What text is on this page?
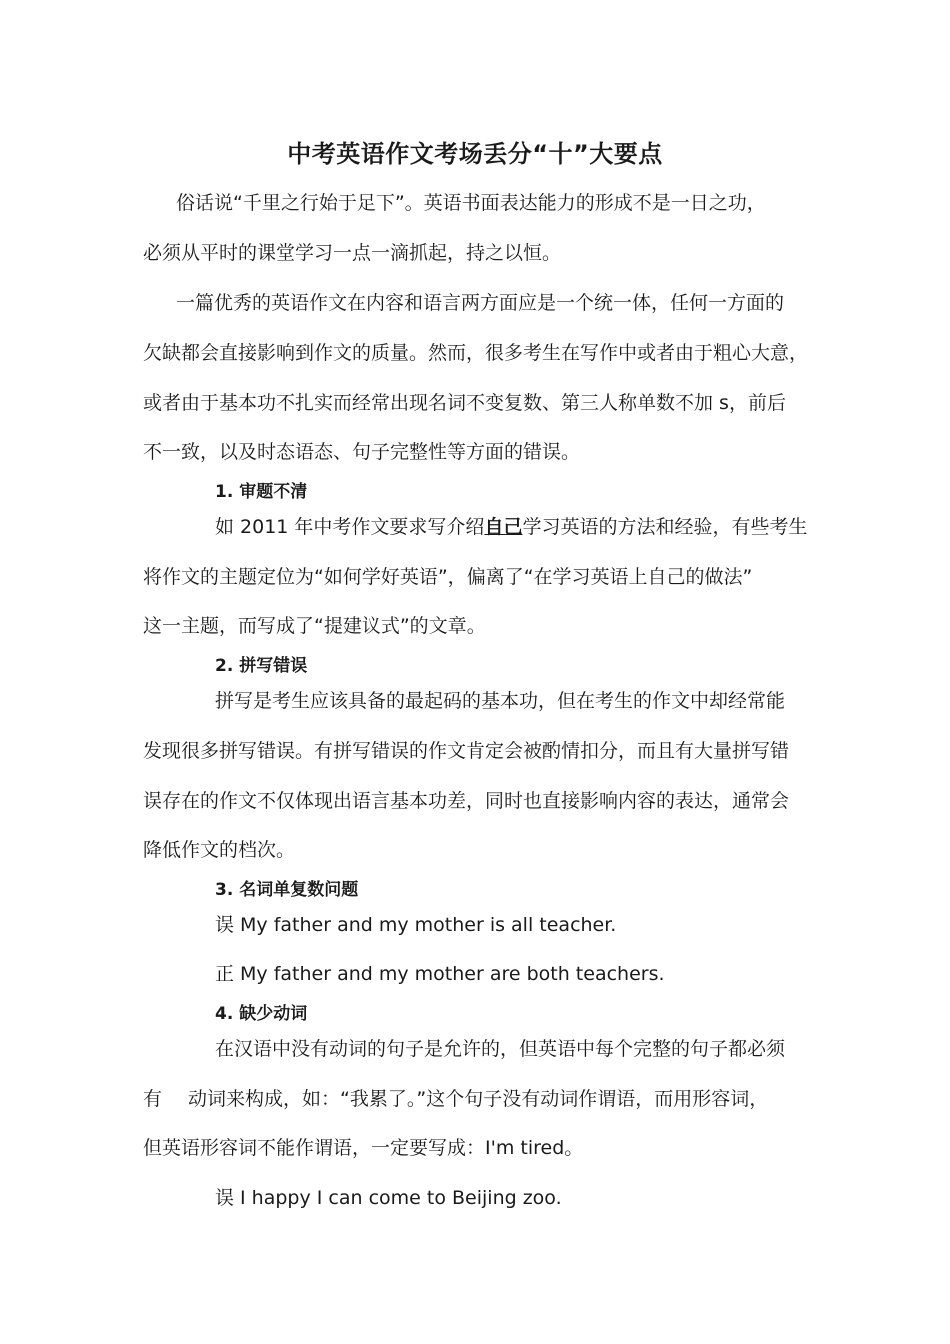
中考英语作文考场丢分“十”大要点
俗话说“千里之行始于足下”。英语书面表达能力的形成不是一日之功，
必须从平时的课堂学习一点一滴抓起，持之以恒。
一篇优秀的英语作文在内容和语言两方面应是一个统一体，任何一方面的
欠缺都会直接影响到作文的质量。然而，很多考生在写作中或者由于粗心大意，
或者由于基本功不扎实而经常出现名词不变复数、第三人称单数不加 s，前后
不一致，以及时态语态、句子完整性等方面的错误。
1. 审题不清
如 2011 年中考作文要求写介绍自己学习英语的方法和经验，有些考生
将作文的主题定位为“如何学好英语”，偏离了“在学习英语上自己的做法”
这一主题，而写成了“提建议式”的文章。
2. 拼写错误
拼写是考生应该具备的最起码的基本功，但在考生的作文中却经常能
发现很多拼写错误。有拼写错误的作文肯定会被酌情扣分，而且有大量拼写错
误存在的作文不仅体现出语言基本功差，同时也直接影响内容的表达，通常会
降低作文的档次。
3. 名词单复数问题
误 My father and my mother is all teacher.
正 My father and my mother are both teachers.
4. 缺少动词
在汉语中没有动词的句子是允许的，但英语中每个完整的句子都必须
有 动词来构成，如：“我累了。”这个句子没有动词作谓语，而用形容词，
但英语形容词不能作谓语，一定要写成：I'm tired。
误 I happy I can come to Beijing zoo.
